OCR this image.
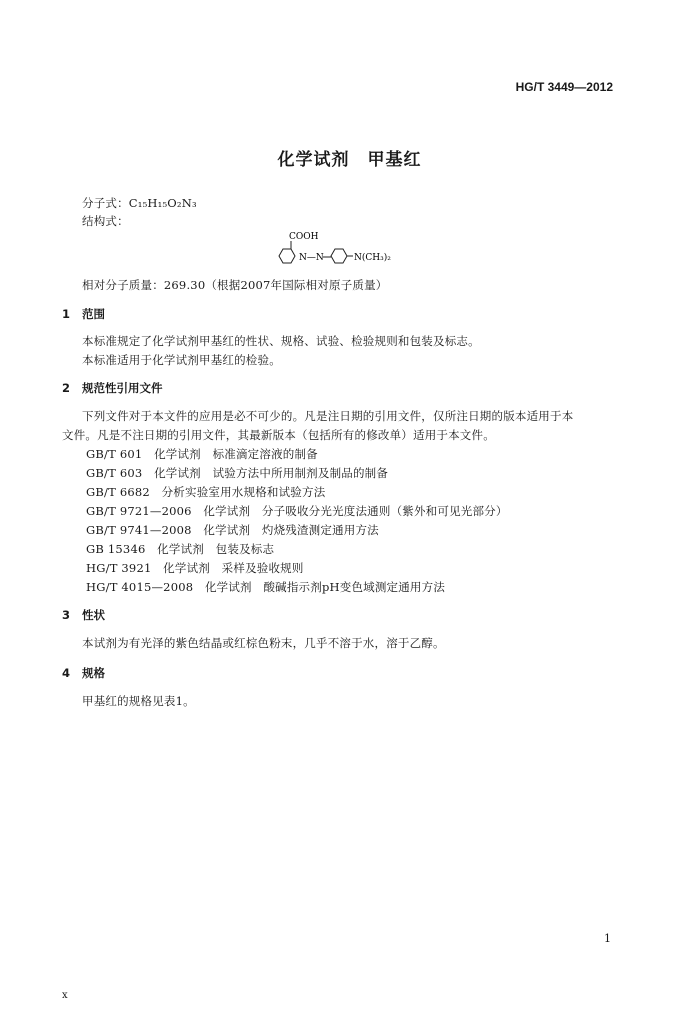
HG/T 3449—2012
化学试剂　甲基红
分子式：C₁₅H₁₅O₂N₃
结构式：
COOH
N—N	N(CH₃)₂
相对分子质量：269.30（根据2007年国际相对原子质量）
1 范围
本标准规定了化学试剂甲基红的性状、规格、试验、检验规则和包装及标志。
本标准适用于化学试剂甲基红的检验。
2 规范性引用文件
下列文件对于本文件的应用是必不可少的。凡是注日期的引用文件，仅所注日期的版本适用于本
文件。凡是不注日期的引用文件，其最新版本（包括所有的修改单）适用于本文件。
GB/T 601　化学试剂　标准滴定溶液的制备
GB/T 603　化学试剂　试验方法中所用制剂及制品的制备
GB/T 6682　分析实验室用水规格和试验方法
GB/T 9721—2006　化学试剂　分子吸收分光光度法通则（紫外和可见光部分）
GB/T 9741—2008　化学试剂　灼烧残渣测定通用方法
GB 15346　化学试剂　包装及标志
HG/T 3921　化学试剂　采样及验收规则
HG/T 4015—2008　化学试剂　酸碱指示剂pH变色域测定通用方法
3 性状
本试剂为有光泽的紫色结晶或红棕色粉末，几乎不溶于水，溶于乙醇。
4 规格
甲基红的规格见表1。
1
x
